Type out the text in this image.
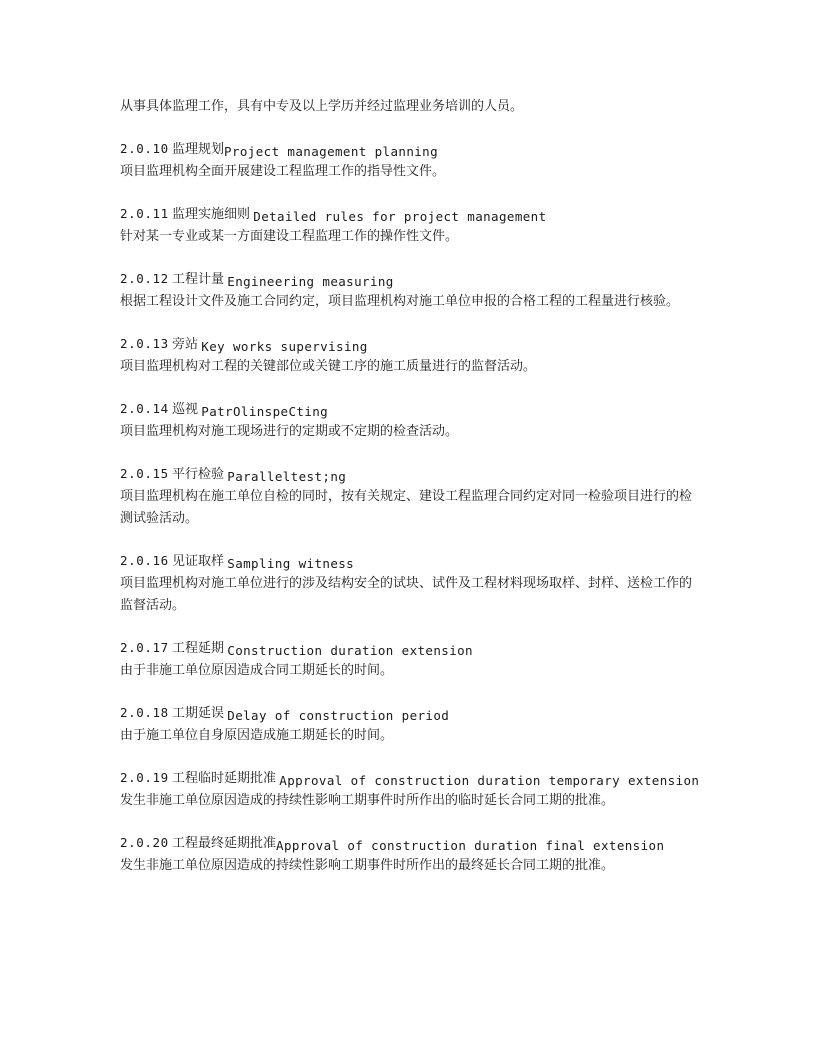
从事具体监理工作，具有中专及以上学历并经过监理业务培训的人员。

2.0.10 监理规划Project management planning

项目监理机构全面开展建设工程监理工作的指导性文件。

2.0.11 监理实施细则 Detailed rules for project management

针对某一专业或某一方面建设工程监理工作的操作性文件。

2.0.12 工程计量 Engineering measuring

根据工程设计文件及施工合同约定，项目监理机构对施工单位申报的合格工程的工程量进行核验。

2.0.13 旁站 Key works supervising

项目监理机构对工程的关键部位或关键工序的施工质量进行的监督活动。

2.0.14 巡视 PatrOlinspeCting

项目监理机构对施工现场进行的定期或不定期的检查活动。

2.0.15 平行检验 Paralleltest;ng

项目监理机构在施工单位自检的同时，按有关规定、建设工程监理合同约定对同一检验项目进行的检测试验活动。

2.0.16 见证取样 Sampling witness

项目监理机构对施工单位进行的涉及结构安全的试块、试件及工程材料现场取样、封样、送检工作的监督活动。

2.0.17 工程延期 Construction duration extension

由于非施工单位原因造成合同工期延长的时间。

2.0.18 工期延误 Delay of construction period

由于施工单位自身原因造成施工期延长的时间。

2.0.19 工程临时延期批准 Approval of construction duration temporary extension

发生非施工单位原因造成的持续性影响工期事件时所作出的临时延长合同工期的批准。

2.0.20 工程最终延期批准Approval of construction duration final extension

发生非施工单位原因造成的持续性影响工期事件时所作出的最终延长合同工期的批准。
